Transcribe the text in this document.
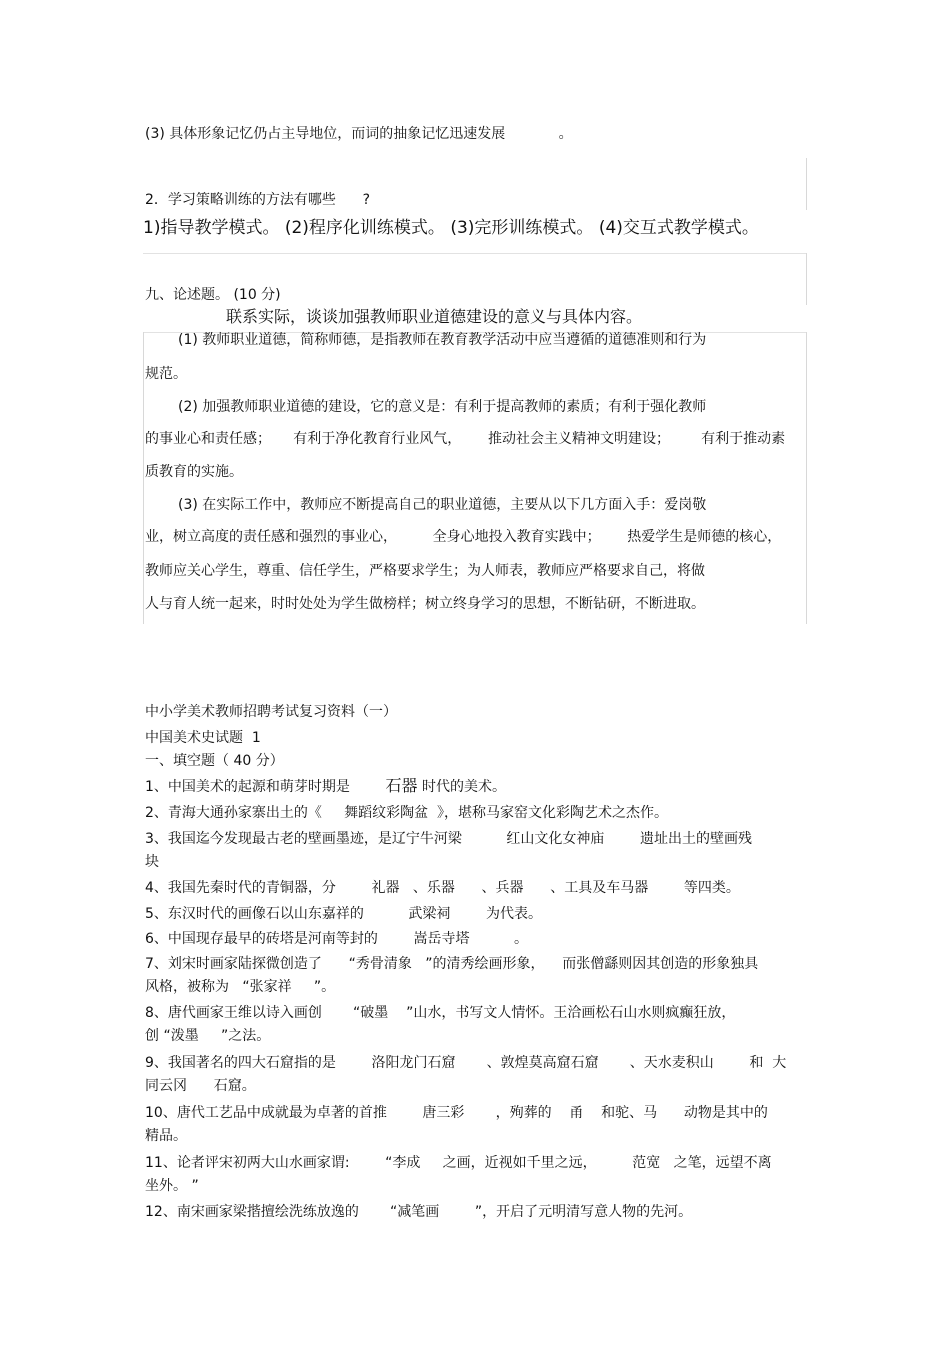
(3) 具体形象记忆仍占主导地位，而词的抽象记忆迅速发展            。
2．学习策略训练的方法有哪些      ?
1)指导教学模式。 (2)程序化训练模式。 (3)完形训练模式。 (4)交互式教学模式。
九、论述题。 (10 分)
联系实际，谈谈加强教师职业道德建设的意义与具体内容。
(1) 教师职业道德，简称师德，是指教师在教育教学活动中应当遵循的道德准则和行为
规范。
(2) 加强教师职业道德的建设，它的意义是：有利于提高教师的素质；有利于强化教师
的事业心和责任感；     有利于净化教育行业风气，      推动社会主义精神文明建设；       有利于推动素
质教育的实施。
(3) 在实际工作中，教师应不断提高自己的职业道德，主要从以下几方面入手：爱岗敬
业，树立高度的责任感和强烈的事业心，        全身心地投入教育实践中；      热爱学生是师德的核心，
教师应关心学生，尊重、信任学生，严格要求学生；为人师表，教师应严格要求自己，将做
人与育人统一起来，时时处处为学生做榜样；树立终身学习的思想，不断钻研，不断进取。
中小学美术教师招聘考试复习资料（一）
中国美术史试题  1
一、填空题（ 40 分）
1、中国美术的起源和萌芽时期是        石器 时代的美术。
2、青海大通孙家寨出土的《     舞蹈纹彩陶盆  》，堪称马家窑文化彩陶艺术之杰作。
3、我国迄今发现最古老的壁画墨迹，是辽宁牛河梁          红山文化女神庙        遗址出土的壁画残
块
4、我国先秦时代的青铜器，分        礼器   、乐器      、兵器      、工具及车马器        等四类。
5、东汉时代的画像石以山东嘉祥的          武梁祠        为代表。
6、中国现存最早的砖塔是河南等封的        嵩岳寺塔          。
7、刘宋时画家陆探微创造了      “秀骨清象   ”的清秀绘画形象，    而张僧繇则因其创造的形象独具
风格，被称为   “张家祥     ”。
8、唐代画家王维以诗入画创       “破墨    ”山水，书写文人情怀。王洽画松石山水则疯癫狂放，
创 “泼墨     ”之法。
9、我国著名的四大石窟指的是        洛阳龙门石窟       、敦煌莫高窟石窟       、天水麦积山        和  大
同云冈      石窟。
10、唐代工艺品中成就最为卓著的首推        唐三彩       ，殉葬的    甬    和驼、马      动物是其中的
精品。
11、论者评宋初两大山水画家谓:        “李成     之画，近视如千里之远，        范宽   之笔，远望不离
坐外。 ”
12、南宋画家梁揩擅绘洗练放逸的       “减笔画        ”，开启了元明清写意人物的先河。
